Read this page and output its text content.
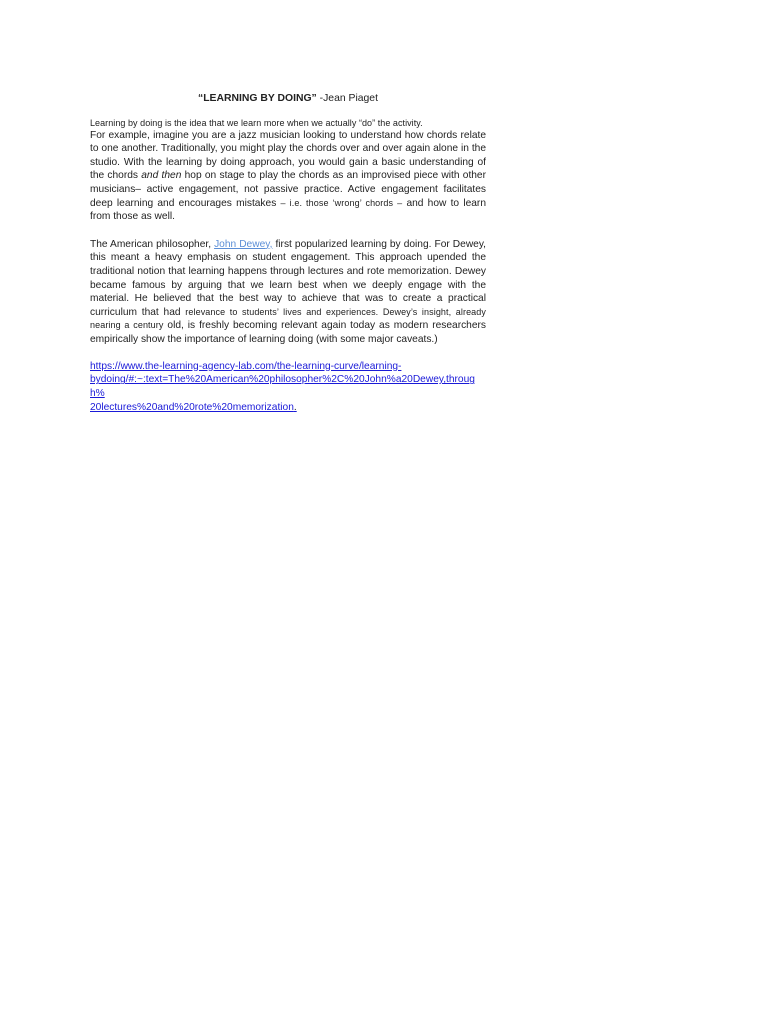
“LEARNING BY DOING” -Jean Piaget

Learning by doing is the idea that we learn more when we actually “do” the activity.

For example, imagine you are a jazz musician looking to understand how chords relate to one another. Traditionally, you might play the chords over and over again alone in the studio. With the learning by doing approach, you would gain a basic understanding of the chords and then hop on stage to play the chords as an improvised piece with other musicians– active engagement, not passive practice. Active engagement facilitates deep learning and encourages mistakes – i.e. those ‘wrong’ chords – and how to learn from those as well.

The American philosopher, John Dewey, first popularized learning by doing. For Dewey, this meant a heavy emphasis on student engagement. This approach upended the traditional notion that learning happens through lectures and rote memorization. Dewey became famous by arguing that we learn best when we deeply engage with the material. He believed that the best way to achieve that was to create a practical curriculum that had relevance to students’ lives and experiences. Dewey’s insight, already nearing a century old, is freshly becoming relevant again today as modern researchers empirically show the importance of learning doing (with some major caveats.)

https://www.the-learning-agency-lab.com/the-learning-curve/learning-
bydoing/#:~:text=The%20American%20philosopher%2C%20John%a20Dewey,through%
20lectures%20and%20rote%20memorization.
